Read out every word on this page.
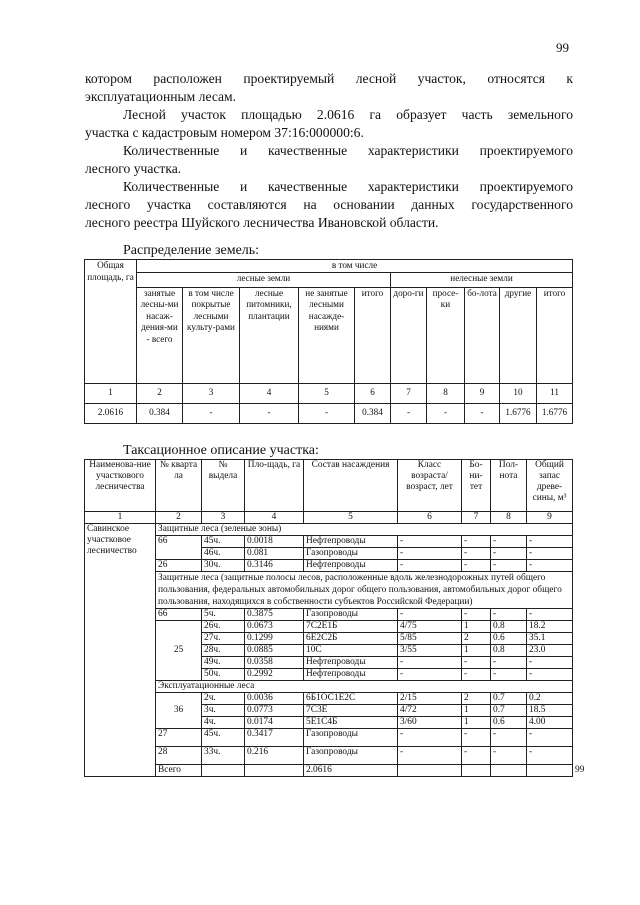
99
котором расположен проектируемый лесной участок, относятся к
эксплуатационным лесам.
Лесной участок площадью 2.0616 га образует часть земельного
участка с кадастровым номером 37:16:000000:6.
Количественные и качественные характеристики проектируемого
лесного участка.
Количественные и качественные характеристики проектируемого
лесного участка составляются на основании данных государственного
лесного реестра Шуйского лесничества Ивановской области.
Распределение земель:
Общая площадь, га	в том числе									
	лесные земли					нелесные земли				
	занятые лесны-ми насаж-дения-ми - всего	в том числе покрытые лесными культу-рами	лесные питомники, плантации	не занятые лесными насажде-ниями	итого	доро-ги	просе-ки	бо-лота	другие	итого
1	2	3	4	5	6	7	8	9	10	11
2.0616	0.384	-	-	-	0.384	-	-	-	1.6776	1.6776
Таксационное описание участка:
Наименова-ние участкового лесничества	№ кварта ла	№ выдела	Пло-щадь, га	Состав насаждения	Класс возраста/ возраст, лет	Бо-ни-тет	Пол-нота	Общий запас древе-сины, м³	
1	2	3	4	5	6	7	8	9	
Савинское участковое лесничество	Защитные леса (зеленые зоны)								
	66	45ч.	0.0018	Нефтепроводы	-	-	-	-	
		46ч.	0.081	Газопроводы	-	-	-	-	
	26	30ч.	0.3146	Нефтепроводы	-	-	-	-	
	Защитные леса (защитные полосы лесов, расположенные вдоль железнодорожных путей общего пользования, федеральных автомобильных дорог общего пользования, автомобильных дорог общего пользования, находящихся в собственности субъектов Российской Федерации)								
	66	5ч.	0.3875	Газопроводы	-	-	-	-	
	25	26ч.	0.0673	7С2Е1Б	4/75	1	0.8	18.2	
		27ч.	0.1299	6Е2С2Б	5/85	2	0.6	35.1	
		28ч.	0.0885	10С	3/55	1	0.8	23.0	
		49ч.	0.0358	Нефтепроводы	-	-	-	-	
		50ч.	0.2992	Нефтепроводы	-	-	-	-	
	Эксплуатационные леса								
	36	2ч.	0.0036	6Б1ОС1Е2С	2/15	2	0.7	0.2	
		3ч.	0.0773	7С3Е	4/72	1	0.7	18.5	
		4ч.	0.0174	5Е1С4Б	3/60	1	0.6	4.00	
	27	45ч.	0.3417	Газопроводы	-	-	-	-	
	28	33ч.	0.216	Газопроводы	-	-	-	-	
	Всего			2.0616					99
